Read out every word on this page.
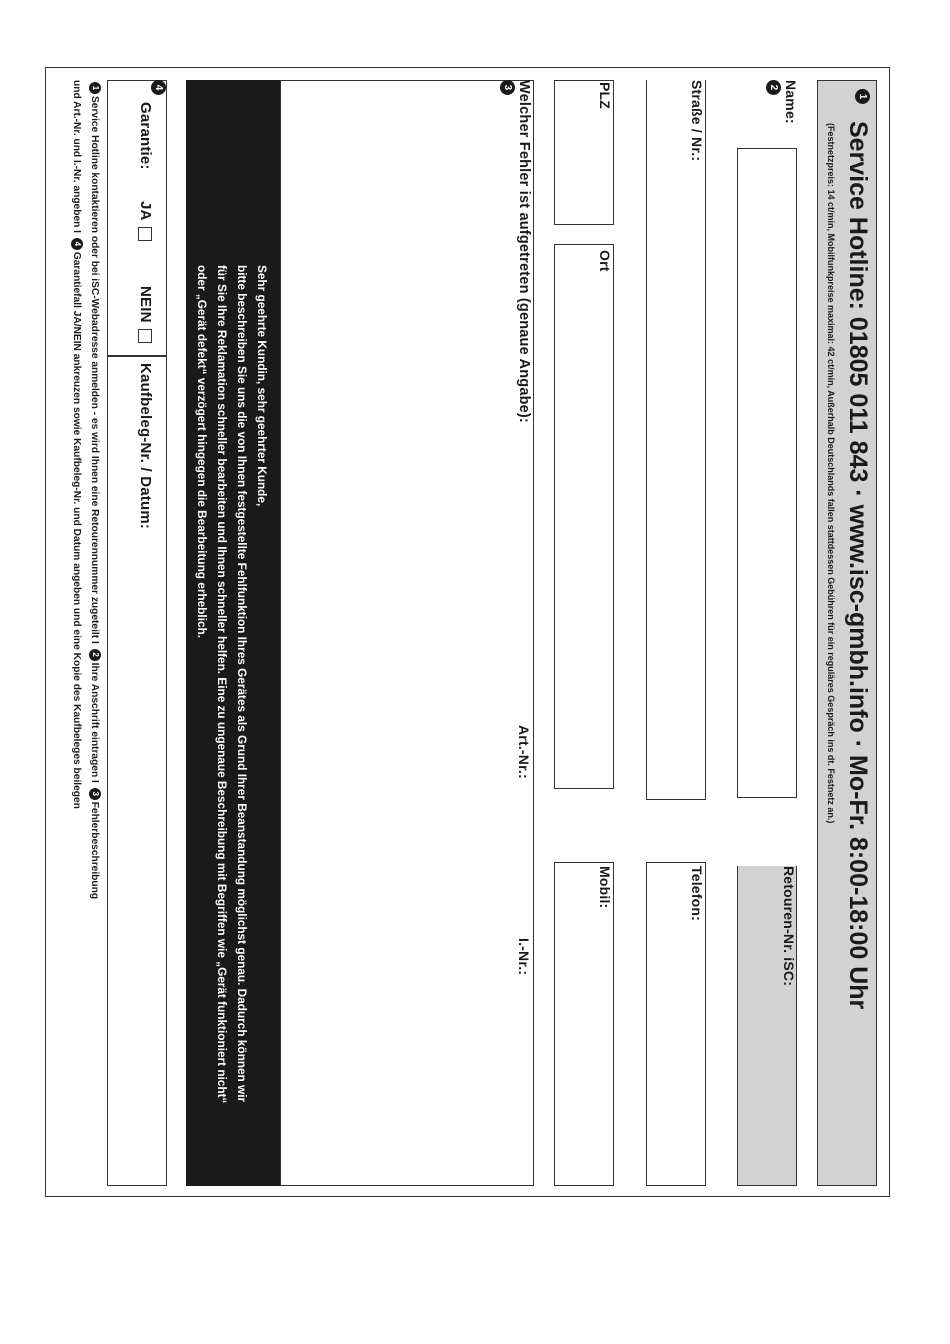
1
Service Hotline: 01805 011 843 · www.isc-gmbh.info · Mo-Fr. 8:00-18:00 Uhr
(Festnetzpreis: 14 ct/min, Mobilfunkpreise maximal: 42 ct/min, Außerhalb Deutschlands fallen stattdessen Gebühren für ein reguläres Gespräch ins dt. Festnetz an.)
Name:
2
Retouren-Nr. iSC:
Straße / Nr.:
Telefon:
PLZ
Ort
Mobil:
Welcher Fehler ist aufgetreten (genaue Angabe):
3
Art.-Nr.:
I.-Nr.:
Sehr geehrte Kundin, sehr geehrter Kunde,
bitte beschreiben Sie uns die von Ihnen festgestellte Fehlfunktion Ihres Gerätes als Grund Ihrer Beanstandung möglichst genau. Dadurch können wir
für Sie Ihre Reklamation schneller bearbeiten und Ihnen schneller helfen. Eine zu ungenaue Beschreibung mit Begriffen wie „Gerät funktioniert nicht“
oder „Gerät defekt“ verzögert hingegen die Bearbeitung erheblich.
4
Garantie:
JA
NEIN
Kaufbeleg-Nr. / Datum:
1Service Hotline kontaktieren oder bei iSC-Webadresse anmelden - es wird Ihnen eine Retourennummer zugeteilt I 2Ihre Anschrift eintragen I 3Fehlerbeschreibung
und Art.-Nr. und I.-Nr. angeben I 4Garantiefall JA/NEIN ankreuzen sowie Kaufbeleg-Nr. und Datum angeben und eine Kopie des Kaufbeleges beilegen
